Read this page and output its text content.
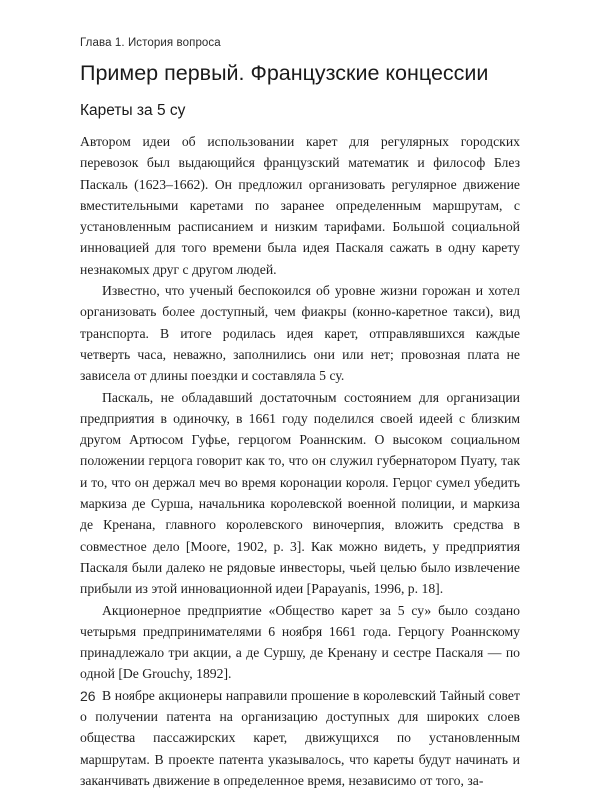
Глава 1. История вопроса
Пример первый. Французские концессии
Кареты за 5 су

Автором идеи об использовании карет для регулярных городских перевозок был выдающийся французский математик и философ Блез Паскаль (1623–1662). Он предложил организовать регулярное движение вместительными каретами по заранее определенным маршрутам, с установленным расписанием и низким тарифами. Большой социальной инновацией для того времени была идея Паскаля сажать в одну карету незнакомых друг с другом людей.

Известно, что ученый беспокоился об уровне жизни горожан и хотел организовать более доступный, чем фиакры (конно-каретное такси), вид транспорта. В итоге родилась идея карет, отправлявшихся каждые четверть часа, неважно, заполнились они или нет; провозная плата не зависела от длины поездки и составляла 5 су.

Паскаль, не обладавший достаточным состоянием для организации предприятия в одиночку, в 1661 году поделился своей идеей с близким другом Артюсом Гуфье, герцогом Роаннским. О высоком социальном положении герцога говорит как то, что он служил губернатором Пуату, так и то, что он держал меч во время коронации короля. Герцог сумел убедить маркиза де Сурша, начальника королевской военной полиции, и маркиза де Кренана, главного королевского виночерпия, вложить средства в совместное дело [Moore, 1902, p. 3]. Как можно видеть, у предприятия Паскаля были далеко не рядовые инвесторы, чьей целью было извлечение прибыли из этой инновационной идеи [Papayanis, 1996, p. 18].

Акционерное предприятие «Общество карет за 5 су» было создано четырьмя предпринимателями 6 ноября 1661 года. Герцогу Роаннскому принадлежало три акции, а де Суршу, де Кренану и сестре Паскаля — по одной [De Grouchy, 1892].

В ноябре акционеры направили прошение в королевский Тайный совет о получении патента на организацию доступных для широких слоев общества пассажирских карет, движущихся по установленным маршрутам. В проекте патента указывалось, что кареты будут начинать и заканчивать движение в определенное время, независимо от того, за-

26
